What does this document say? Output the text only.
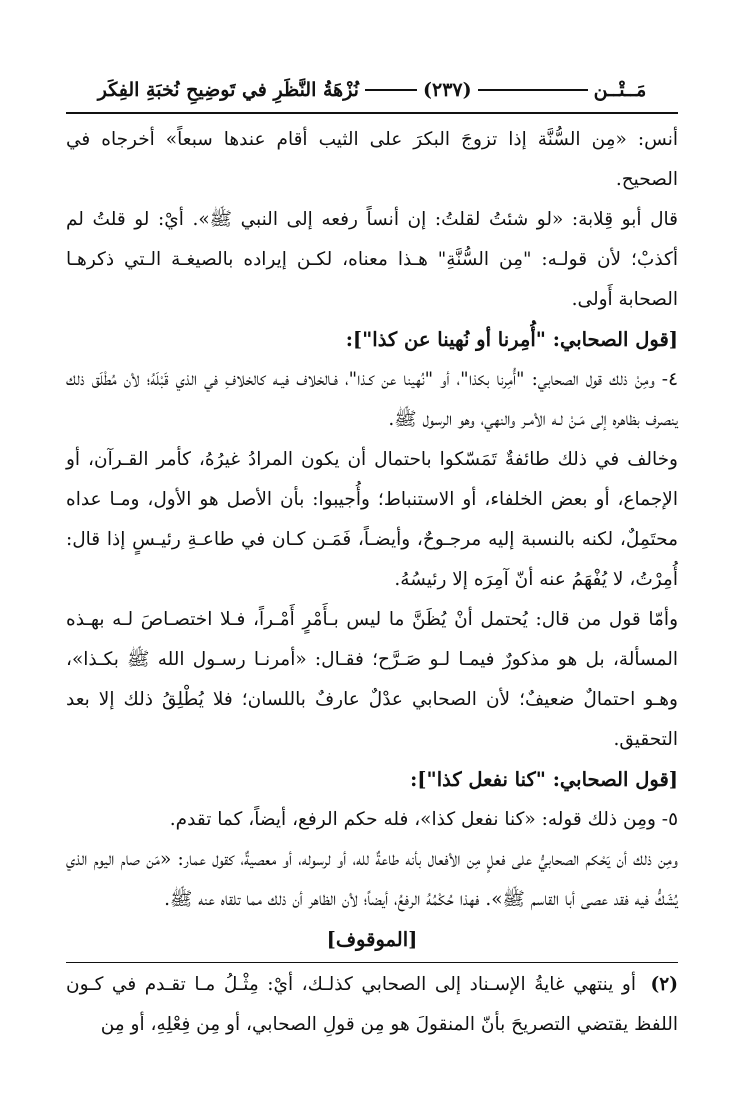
مَــتْــن
(٢٣٧)
نُزْهَةُ النَّظَرِ في تَوضِيحِ نُخبَةِ الفِكَر

أنس: «مِن السُّنَّة إذا تزوجَ البكرَ على الثيب أقام عندها سبعاً» أخرجاه في الصحيح.

قال أبو قِلابة: «لو شئتُ لقلتُ: إن أنساً رفعه إلى النبي ﷺ». أيْ: لو قلتُ لم أكذبْ؛ لأن قولـه: "مِن السُّنَّةِ" هـذا معناه، لكـن إيراده بالصيغـة الـتي ذكرهـا الصحابة أَولى.

[قول الصحابي: "أُمِرنا أو نُهينا عن كذا"]:

٤- ومِنْ ذلك قول الصحابي: "أُمِرنا بكذا"، أو "نُهينا عن كـذا"، فـالخلاف فيـه كالخلافِ في الذي قَبْلَهُ؛ لأن مُطْلَق ذلك ينصرف بظاهره إلى مَـنْ لـه الأمـر والنهي، وهو الرسول ﷺ.

وخالف في ذلك طائفةٌ تَمَسّكوا باحتمال أن يكون المرادُ غيرُهُ، كأمر القـرآن، أو الإجماع، أو بعض الخلفاء، أو الاستنباط؛ وأُجيبوا: بأن الأصل هو الأول، ومـا عداه محتَمِلٌ، لكنه بالنسبة إليه مرجـوحٌ، وأيضـاً، فَمَـن كـان في طاعـةِ رئيـسٍ إذا قال: أُمِرْتُ، لا يُفْهَمُ عنه أنّ آمِرَه إلا رئيسُهُ.

وأمّا قول من قال: يُحتمل أنْ يُظَنَّ ما ليس بـأَمْرٍ أَمْـراً، فـلا اختصـاصَ لـه بهـذه المسألة، بل هو مذكورٌ فيمـا لـو صَـرَّح؛ فقـال: «أمرنـا رسـول الله ﷺ بكـذا»، وهـو احتمالٌ ضعيفٌ؛ لأن الصحابي عدْلٌ عارفٌ باللسان؛ فلا يُطْلِقُ ذلك إلا بعد التحقيق.

[قول الصحابي: "كنا نفعل كذا"]:

٥- ومِن ذلك قوله: «كنا نفعل كذا»، فله حكم الرفع، أيضاً، كما تقدم.

ومِن ذلك أن يَحْكم الصحابيُّ على فعلٍ مِن الأفعال بأنه طاعةٌ لله، أو لرسوله، أو معصيةٌ، كقول عمار: «مَن صام اليوم الذي يُشَكُّ فيه فقد عصى أبا القاسم ﷺ». فهذا حُكْمُهُ الرفعُ، أيضاً؛ لأن الظاهر أن ذلك مما تلقاه عنه ﷺ.

[الموقوف]

(٢) أو ينتهي غايةُ الإسـناد إلى الصحابي كذلـك، أيْ: مِثْـلُ مـا تقـدم في كـون اللفظ يقتضي التصريحَ بأنّ المنقولَ هو مِن قولِ الصحابي، أو مِن فِعْلِهِ، أو مِن
